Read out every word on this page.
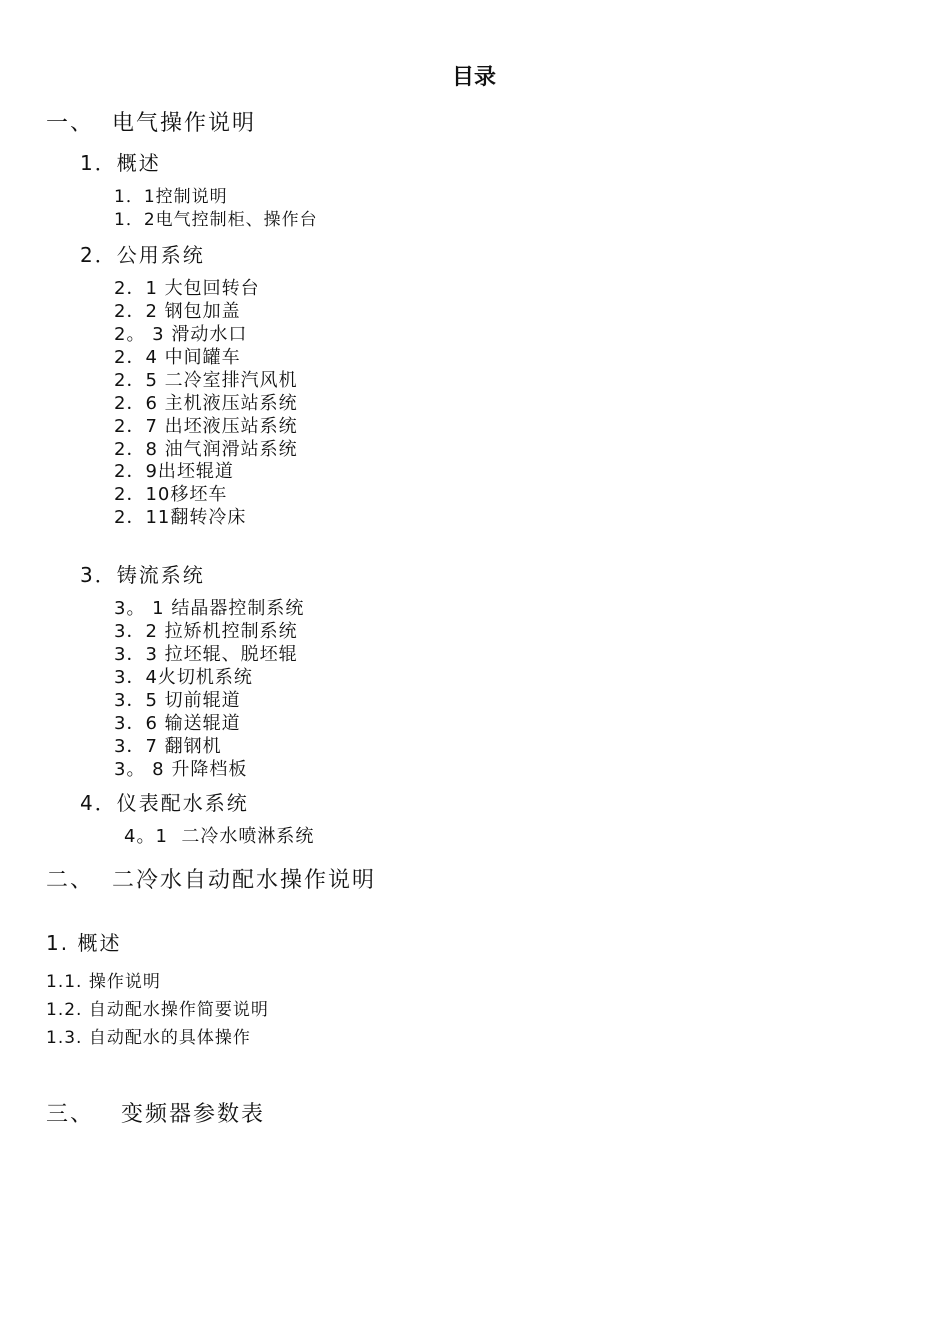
目录
一、  电气操作说明
1．概述
1．1控制说明
1．2电气控制柜、操作台
2．公用系统
2．1 大包回转台
2．2 钢包加盖
2。 3 滑动水口
2．4 中间罐车
2．5 二冷室排汽风机
2．6 主机液压站系统
2．7 出坯液压站系统
2．8 油气润滑站系统
2．9出坯辊道
2．10移坯车
2．11翻转冷床
3．铸流系统
3。 1 结晶器控制系统
3．2 拉矫机控制系统
3．3 拉坯辊、脱坯辊
3．4火切机系统
3．5 切前辊道
3．6 输送辊道
3．7 翻钢机
3。 8 升降档板
4．仪表配水系统
4。1  二冷水喷淋系统
二、  二冷水自动配水操作说明
1. 概述
1.1. 操作说明
1.2. 自动配水操作简要说明
1.3. 自动配水的具体操作
三、   变频器参数表
